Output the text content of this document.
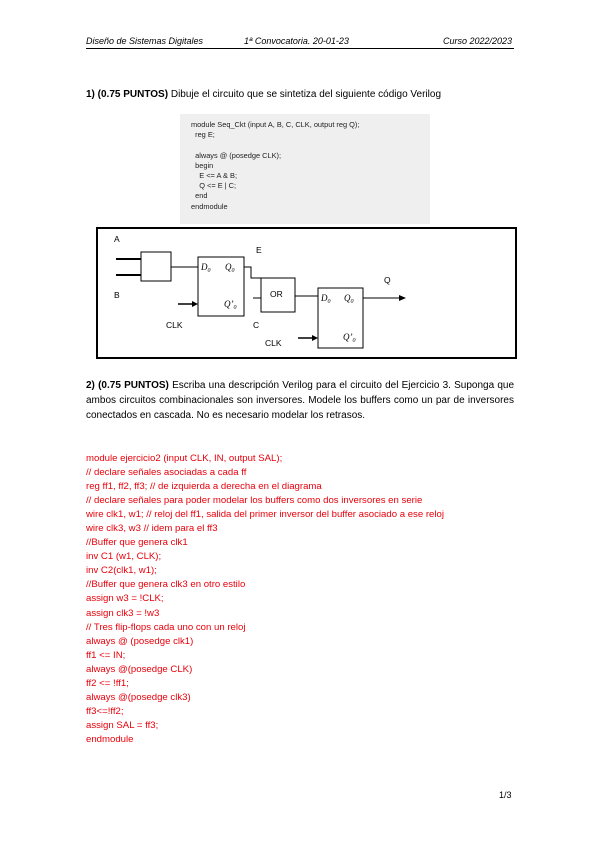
Diseño de Sistemas Digitales	1ª Convocatoria. 20-01-23	Curso 2022/2023
1) (0.75 PUNTOS) Dibuje el circuito que se sintetiza del siguiente código Verilog
module Seq_Ckt (input A, B, C, CLK, output reg Q);
reg E;

always @ (posedge CLK);
begin
E <= A & B;
Q <= E | C;
end
endmodule
A
B
CLK
E
C
CLK
Q
$D_0$ $Q_0$
$Q’_0$
OR	$D_0$ $Q_0$
$Q’_0$
2) (0.75 PUNTOS) Escriba una descripción Verilog para el circuito del Ejercicio 3. Suponga que ambos circuitos combinacionales son inversores. Modele los buffers como un par de inversores conectados en cascada. No es necesario modelar los retrasos.
module ejercicio2 (input CLK, IN, output SAL);
// declare señales asociadas a cada ff
reg ff1, ff2, ff3; // de izquierda a derecha en el diagrama
// declare señales para poder modelar los buffers como dos inversores en serie
wire clk1, w1; // reloj del ff1, salida del primer inversor del buffer asociado a ese reloj
wire clk3, w3 // idem para el ff3
//Buffer que genera clk1
inv C1 (w1, CLK);
inv C2(clk1, w1);
//Buffer que genera clk3 en otro estilo
assign w3 = !CLK;
assign clk3 = !w3
// Tres flip-flops cada uno con un reloj
always @ (posedge clk1)
ff1 <= IN;
always @(posedge CLK)
ff2 <= !ff1;
always @(posedge clk3)
ff3<=!ff2;
assign SAL = ff3;
endmodule
1/3
